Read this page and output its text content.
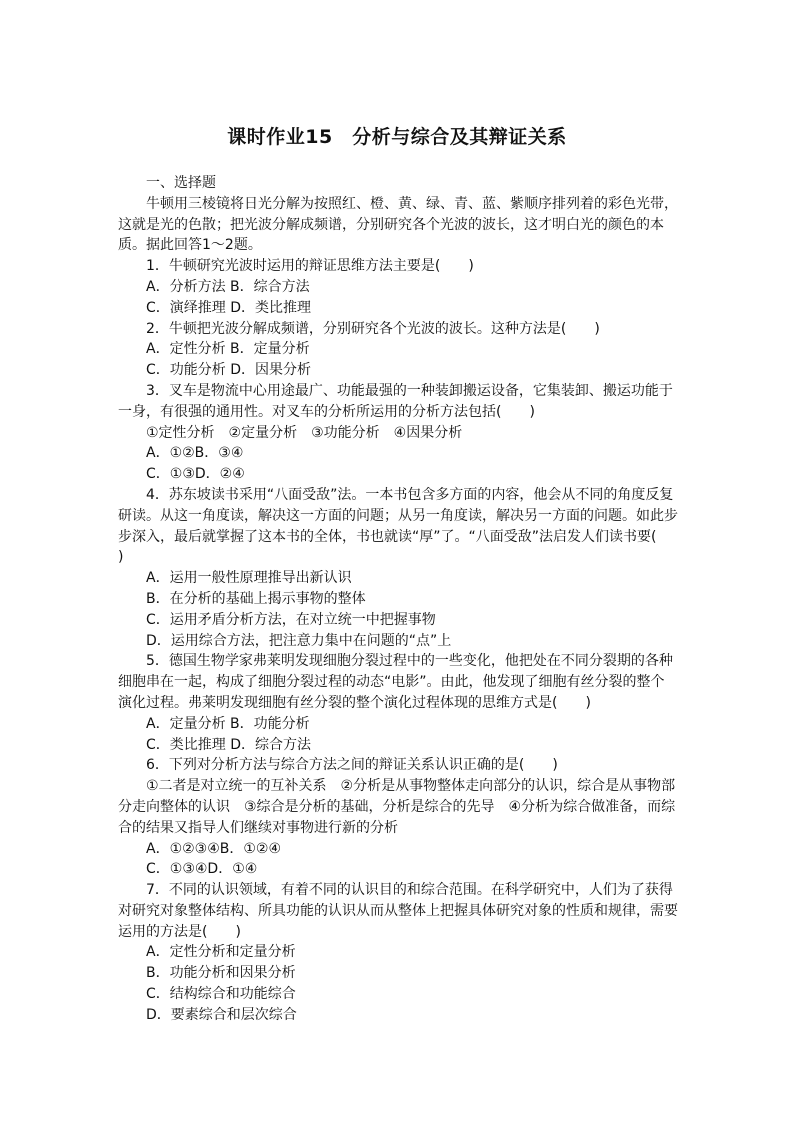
课时作业15　分析与综合及其辩证关系

一、选择题

牛顿用三棱镜将日光分解为按照红、橙、黄、绿、青、蓝、紫顺序排列着的彩色光带，这就是光的色散；把光波分解成频谱，分别研究各个光波的波长，这才明白光的颜色的本质。据此回答1～2题。

1．牛顿研究光波时运用的辩证思维方法主要是(　　)

A．分析方法 B．综合方法

C．演绎推理 D．类比推理

2．牛顿把光波分解成频谱，分别研究各个光波的波长。这种方法是(　　)

A．定性分析 B．定量分析

C．功能分析 D．因果分析

3．叉车是物流中心用途最广、功能最强的一种装卸搬运设备，它集装卸、搬运功能于一身，有很强的通用性。对叉车的分析所运用的分析方法包括(　　)

①定性分析　②定量分析　③功能分析　④因果分析

A．①②B．③④

C．①③D．②④

4．苏东坡读书采用“八面受敌”法。一本书包含多方面的内容，他会从不同的角度反复研读。从这一角度读，解决这一方面的问题；从另一角度读，解决另一方面的问题。如此步步深入，最后就掌握了这本书的全体，书也就读“厚”了。“八面受敌”法启发人们读书要(　　)

A．运用一般性原理推导出新认识

B．在分析的基础上揭示事物的整体

C．运用矛盾分析方法，在对立统一中把握事物

D．运用综合方法，把注意力集中在问题的“点”上

5．德国生物学家弗莱明发现细胞分裂过程中的一些变化，他把处在不同分裂期的各种细胞串在一起，构成了细胞分裂过程的动态“电影”。由此，他发现了细胞有丝分裂的整个演化过程。弗莱明发现细胞有丝分裂的整个演化过程体现的思维方式是(　　)

A．定量分析 B．功能分析

C．类比推理 D．综合方法

6．下列对分析方法与综合方法之间的辩证关系认识正确的是(　　)

①二者是对立统一的互补关系　②分析是从事物整体走向部分的认识，综合是从事物部分走向整体的认识　③综合是分析的基础，分析是综合的先导　④分析为综合做准备，而综合的结果又指导人们继续对事物进行新的分析

A．①②③④B．①②④

C．①③④D．①④

7．不同的认识领域，有着不同的认识目的和综合范围。在科学研究中，人们为了获得对研究对象整体结构、所具功能的认识从而从整体上把握具体研究对象的性质和规律，需要运用的方法是(　　)

A．定性分析和定量分析

B．功能分析和因果分析

C．结构综合和功能综合

D．要素综合和层次综合
